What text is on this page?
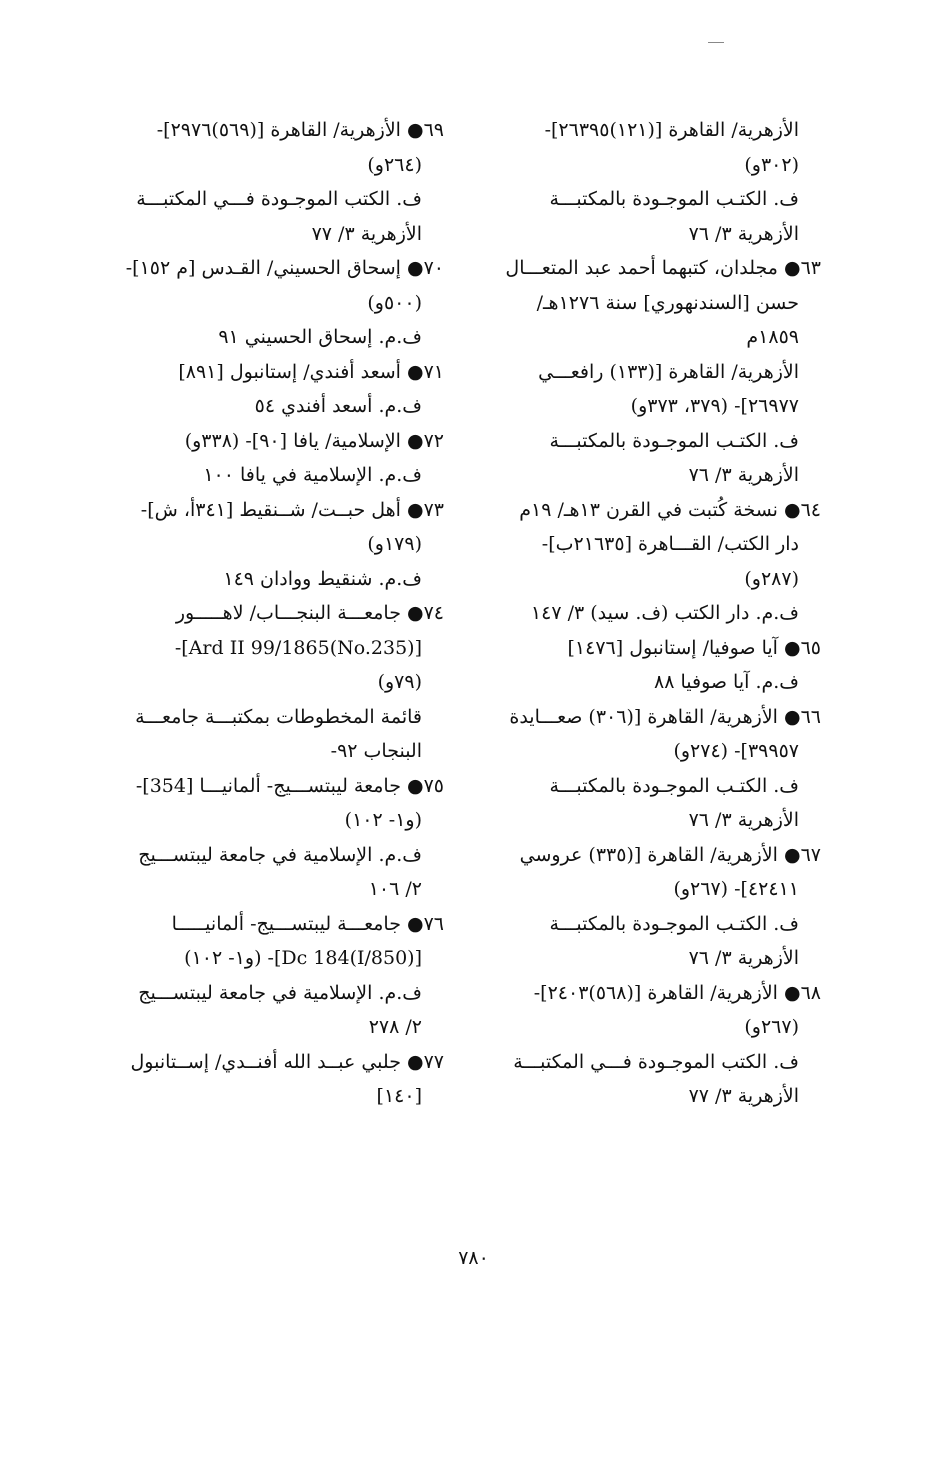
الأزهرية/ القاهرة [(١٢١)٢٦٣٩٥]-
(٣٠٢و)
ف. الكتـب الموجـودة بالمكتبـــة
الأزهرية ٣/ ٧٦
٦٣● مجلدان، كتبهما أحمد عبد المتعـــال
حسن [السندنهوري] سنة ١٢٧٦هـ/
١٨٥٩م
الأزهرية/ القاهرة [(١٣٣) رافعـــي
٢٦٩٧٧]- (٣٧٩، ٣٧٣و)
ف. الكتـب الموجـودة بالمكتبـــة
الأزهرية ٣/ ٧٦
٦٤● نسخة كُتبت في القرن ١٣هـ/ ١٩م
دار الكتب/ القـــاهرة [٢١٦٣٥ب]-
(٢٨٧و)
ف.م. دار الكتب (ف. سيد) ٣/ ١٤٧
٦٥● آيا صوفيا/ إستانبول [١٤٧٦]
ف.م. آيا صوفيا ٨٨
٦٦● الأزهرية/ القاهرة [(٣٠٦) صعـــايدة
٣٩٩٥٧]- (٢٧٤و)
ف. الكتـب الموجـودة بالمكتبـــة
الأزهرية ٣/ ٧٦
٦٧● الأزهرية/ القاهرة [(٣٣٥) عروسي
٤٢٤١١]- (٢٦٧و)
ف. الكتـب الموجـودة بالمكتبـــة
الأزهرية ٣/ ٧٦
٦٨● الأزهرية/ القاهرة [(٥٦٨)٢٤٠٣]-
(٢٦٧و)
ف. الكتب الموجـودة فـــي المكتبـــة
الأزهرية ٣/ ٧٧
٦٩● الأزهرية/ القاهرة [(٥٦٩)٢٩٧٦]-
(٢٦٤و)
ف. الكتب الموجـودة فـــي المكتبـــة
الأزهرية ٣/ ٧٧
٧٠● إسحاق الحسيني/ القـدس [م ١٥٢]-
(٥٠٠و)
ف.م. إسحاق الحسيني ٩١
٧١● أسعد أفندي/ إستانبول [٨٩١]
ف.م. أسعد أفندي ٥٤
٧٢● الإسلامية/ يافا [٩٠]- (٣٣٨و)
ف.م. الإسلامية في يافا ١٠٠
٧٣● أهل حبــت/ شــنقيط [٣٤١أ، ش]-
(١٧٩و)
ف.م. شنقيط ووادان ١٤٩
٧٤● جامعـــة البنجـــاب/ لاهـــــور
[(No.235)Ard II 99/1865]-
(٧٩و)
قائمة المخطوطات بمكتبـــة جامعـــة
البنجاب ٩٢-
٧٥● جامعة ليبتســـيج- ألمانيـــا [354]-
(و١- ١٠٢)
ف.م. الإسلامية في جامعة ليبتســـيج
٢/ ١٠٦
٧٦● جامعـــة ليبتســـيج- ألمانيـــــا
[(850/I)Dc 184]- (و١- ١٠٢)
ف.م. الإسلامية في جامعة ليبتســـيج
٢/ ٢٧٨
٧٧● جلبي عبــد الله أفنــدي/ إســتانبول
[١٤٠]
٧٨٠
